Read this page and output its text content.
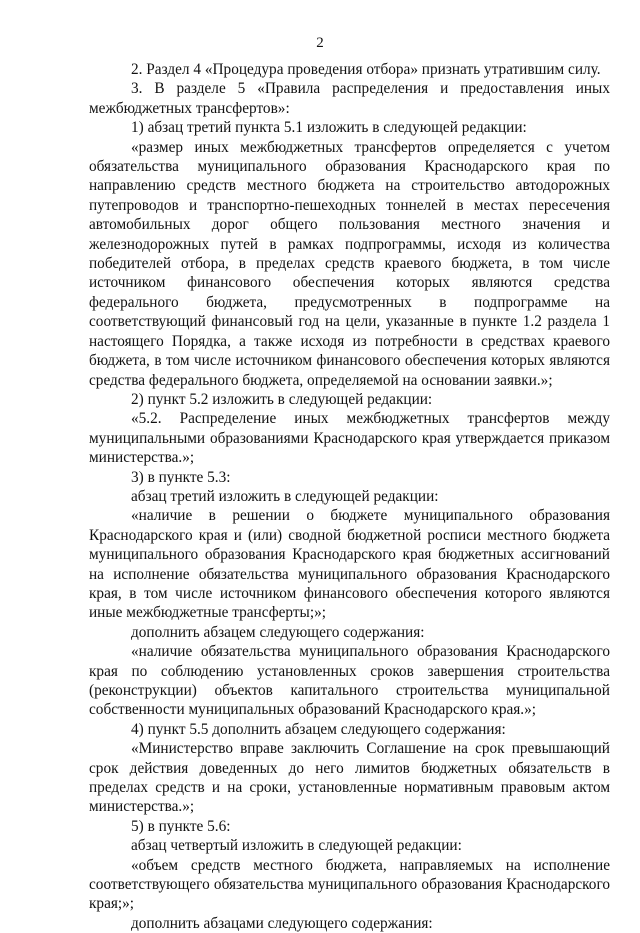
2

2. Раздел 4 «Процедура проведения отбора» признать утратившим силу.

3. В разделе 5 «Правила распределения и предоставления иных межбюджетных трансфертов»:

1) абзац третий пункта 5.1 изложить в следующей редакции:

«размер иных межбюджетных трансфертов определяется с учетом обязательства муниципального образования Краснодарского края по направлению средств местного бюджета на строительство автодорожных путепроводов и транспортно-пешеходных тоннелей в местах пересечения автомобильных дорог общего пользования местного значения и железнодорожных путей в рамках подпрограммы, исходя из количества победителей отбора, в пределах средств краевого бюджета, в том числе источником финансового обеспечения которых являются средства федерального бюджета, предусмотренных в подпрограмме на соответствующий финансовый год на цели, указанные в пункте 1.2 раздела 1 настоящего Порядка, а также исходя из потребности в средствах краевого бюджета, в том числе источником финансового обеспечения которых являются средства федерального бюджета, определяемой на основании заявки.»;

2) пункт 5.2 изложить в следующей редакции:

«5.2. Распределение иных межбюджетных трансфертов между муниципальными образованиями Краснодарского края утверждается приказом министерства.»;

3) в пункте 5.3:

абзац третий изложить в следующей редакции:

«наличие в решении о бюджете муниципального образования Краснодарского края и (или) сводной бюджетной росписи местного бюджета муниципального образования Краснодарского края бюджетных ассигнований на исполнение обязательства муниципального образования Краснодарского края, в том числе источником финансового обеспечения которого являются иные межбюджетные трансферты;»;

дополнить абзацем следующего содержания:

«наличие обязательства муниципального образования Краснодарского края по соблюдению установленных сроков завершения строительства (реконструкции) объектов капитального строительства муниципальной собственности муниципальных образований Краснодарского края.»;

4) пункт 5.5 дополнить абзацем следующего содержания:

«Министерство вправе заключить Соглашение на срок превышающий срок действия доведенных до него лимитов бюджетных обязательств в пределах средств и на сроки, установленные нормативным правовым актом министерства.»;

5) в пункте 5.6:

абзац четвертый изложить в следующей редакции:

«объем средств местного бюджета, направляемых на исполнение соответствующего обязательства муниципального образования Краснодарского края;»;

дополнить абзацами следующего содержания:
